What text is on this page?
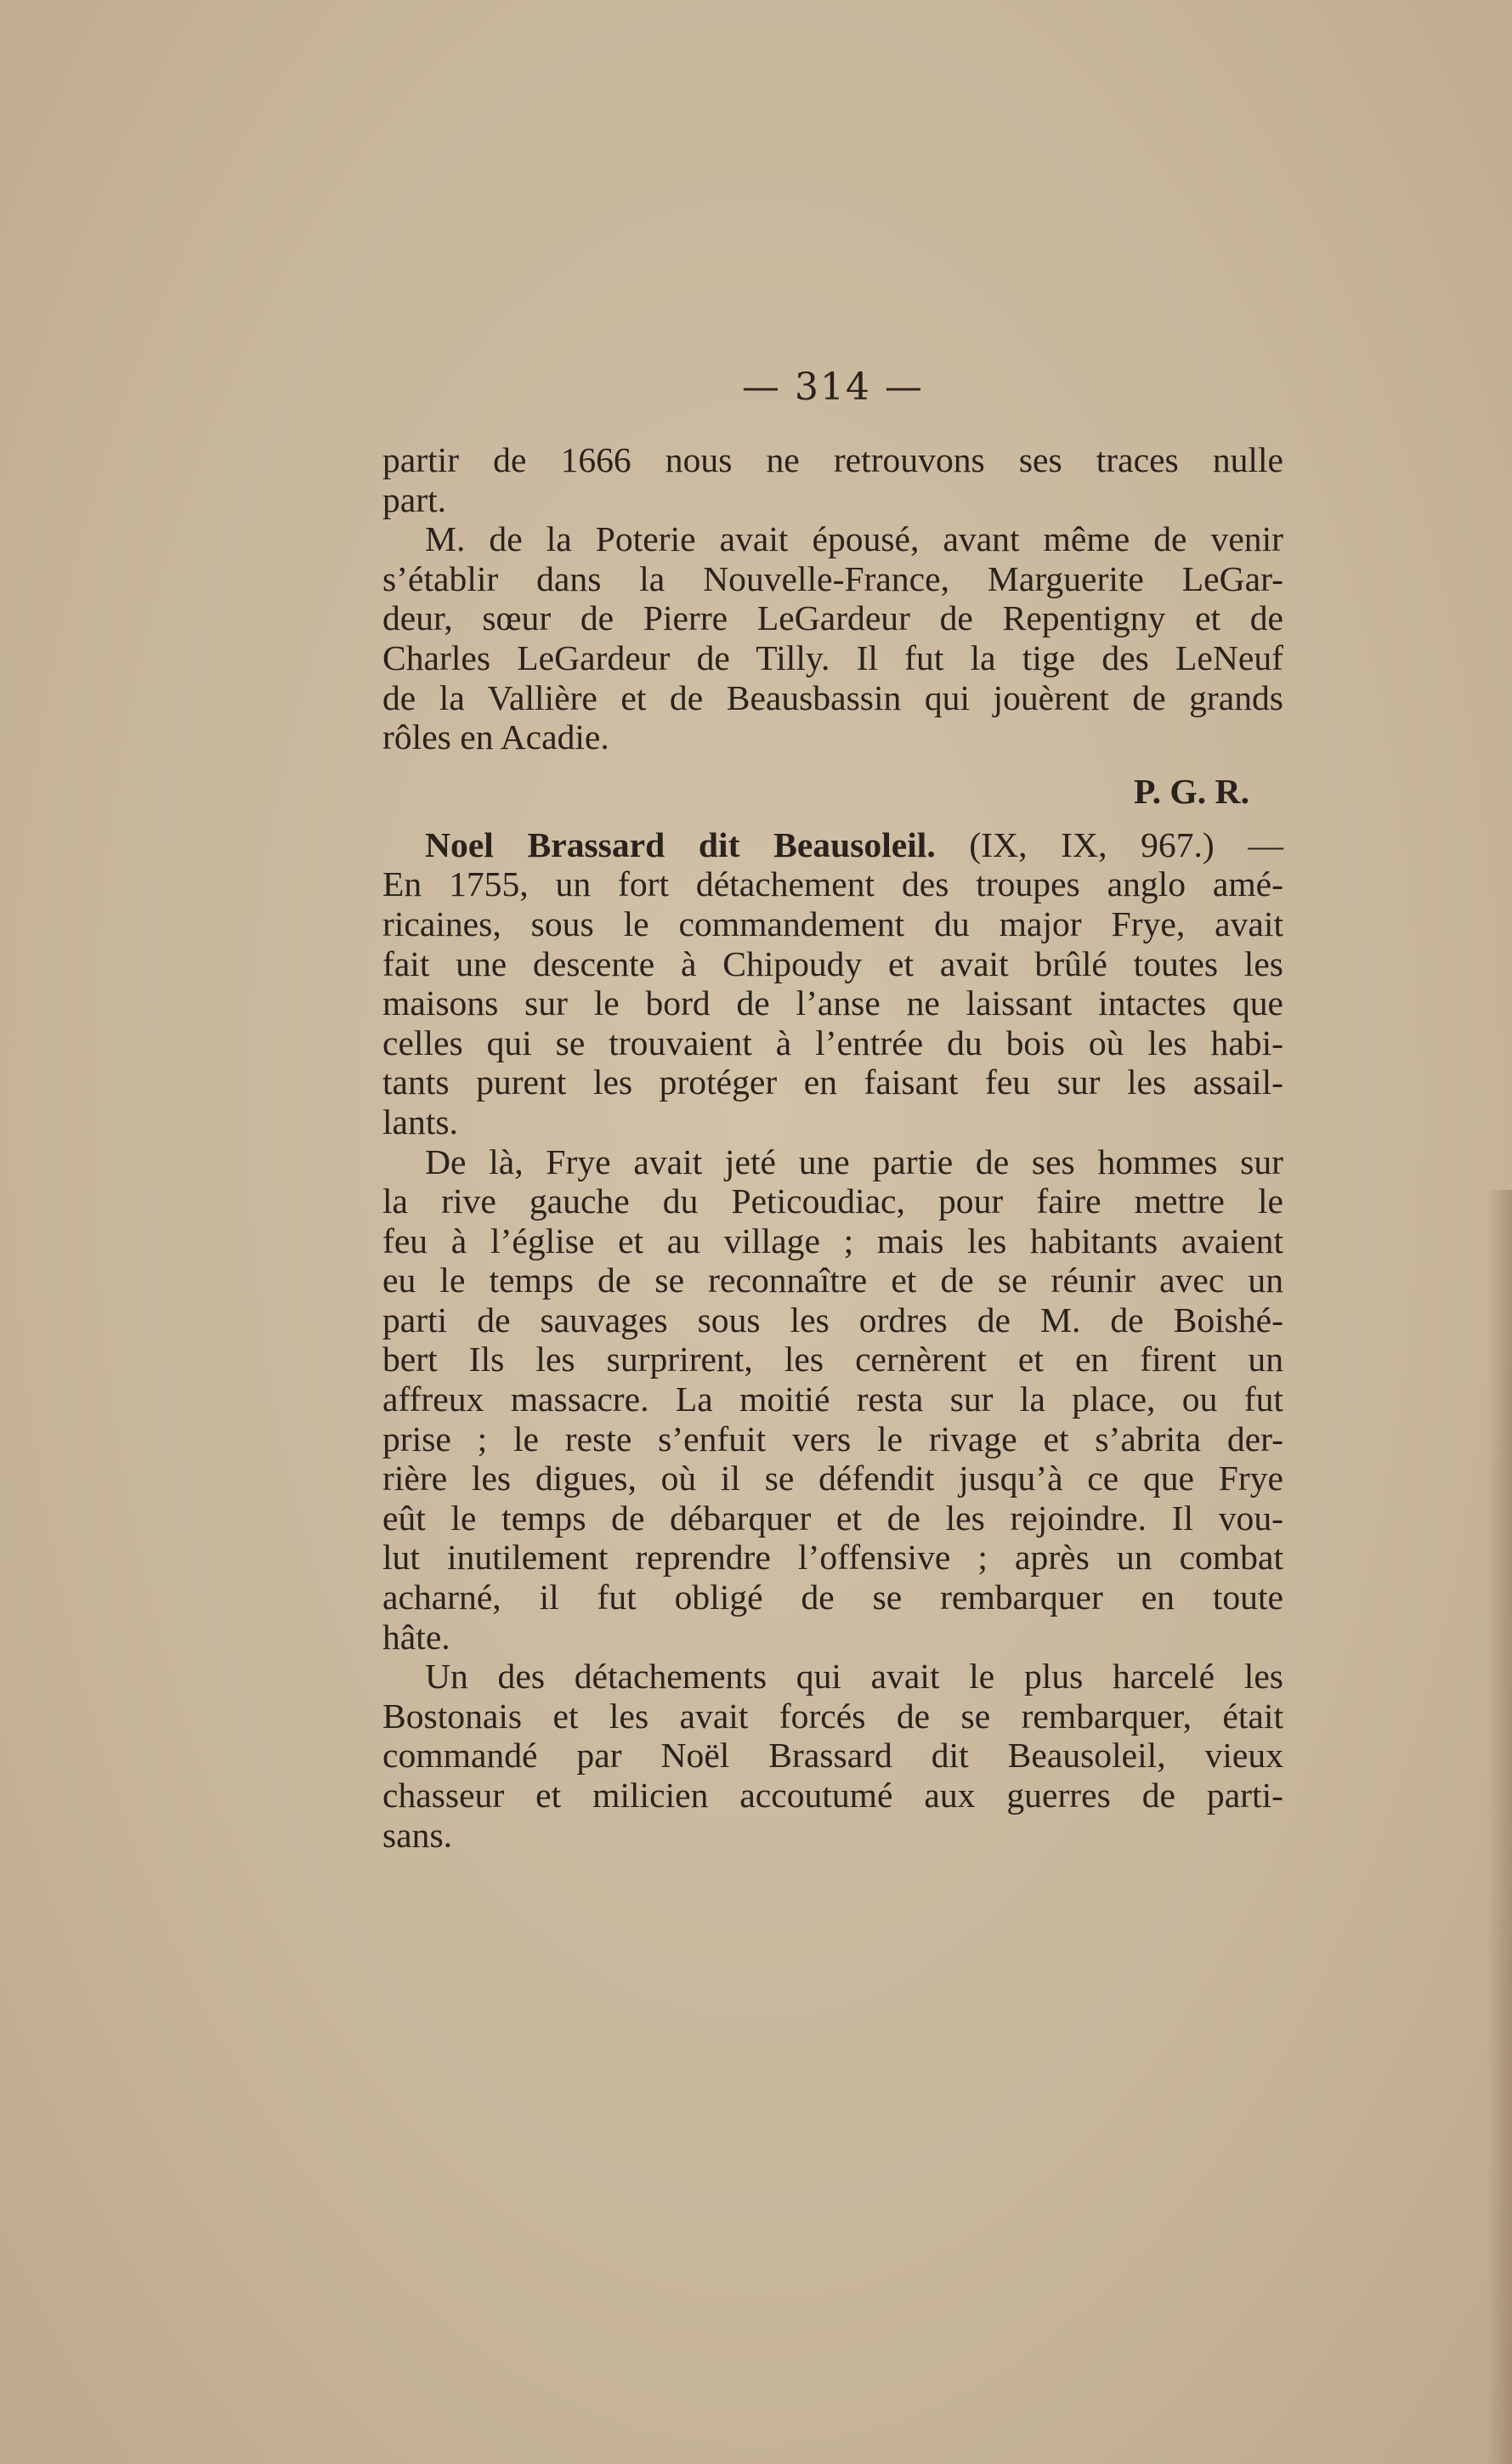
— 314 —
partir de 1666 nous ne retrouvons ses traces nulle
part.
M. de la Poterie avait épousé, avant même de venir
s’établir dans la Nouvelle-France, Marguerite LeGar-
deur, sœur de Pierre LeGardeur de Repentigny et de
Charles LeGardeur de Tilly. Il fut la tige des LeNeuf
de la Vallière et de Beausbassin qui jouèrent de grands
rôles en Acadie.
P. G. R.
Noel Brassard dit Beausoleil. (IX, IX, 967.) —
En 1755, un fort détachement des troupes anglo amé-
ricaines, sous le commandement du major Frye, avait
fait une descente à Chipoudy et avait brûlé toutes les
maisons sur le bord de l’anse ne laissant intactes que
celles qui se trouvaient à l’entrée du bois où les habi-
tants purent les protéger en faisant feu sur les assail-
lants.
De là, Frye avait jeté une partie de ses hommes sur
la rive gauche du Peticoudiac, pour faire mettre le
feu à l’église et au village ; mais les habitants avaient
eu le temps de se reconnaître et de se réunir avec un
parti de sauvages sous les ordres de M. de Boishé-
bert Ils les surprirent, les cernèrent et en firent un
affreux massacre. La moitié resta sur la place, ou fut
prise ; le reste s’enfuit vers le rivage et s’abrita der-
rière les digues, où il se défendit jusqu’à ce que Frye
eût le temps de débarquer et de les rejoindre. Il vou-
lut inutilement reprendre l’offensive ; après un combat
acharné, il fut obligé de se rembarquer en toute
hâte.
Un des détachements qui avait le plus harcelé les
Bostonais et les avait forcés de se rembarquer, était
commandé par Noël Brassard dit Beausoleil, vieux
chasseur et milicien accoutumé aux guerres de parti-
sans.
